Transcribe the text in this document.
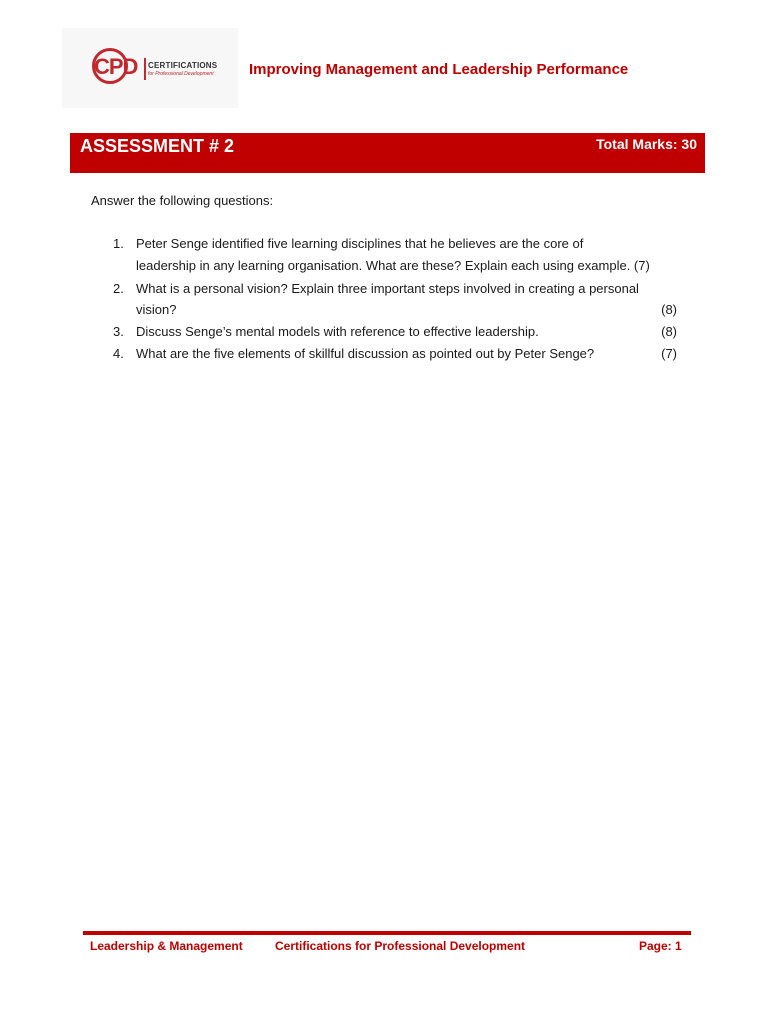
CPD CERTIFICATIONS
for Professional Development Improving Management and Leadership Performance
ASSESSMENT # 2	Total Marks: 30
Answer the following questions:
1. Peter Senge identified five learning disciplines that he believes are the core of
leadership in any learning organisation. What are these? Explain each using example. (7)
2. What is a personal vision? Explain three important steps involved in creating a personal
vision?	(8)
3. Discuss Senge’s mental models with reference to effective leadership.	(8)
4. What are the five elements of skillful discussion as pointed out by Peter Senge?	(7)
Leadership & Management	Certifications for Professional Development	Page: 1
